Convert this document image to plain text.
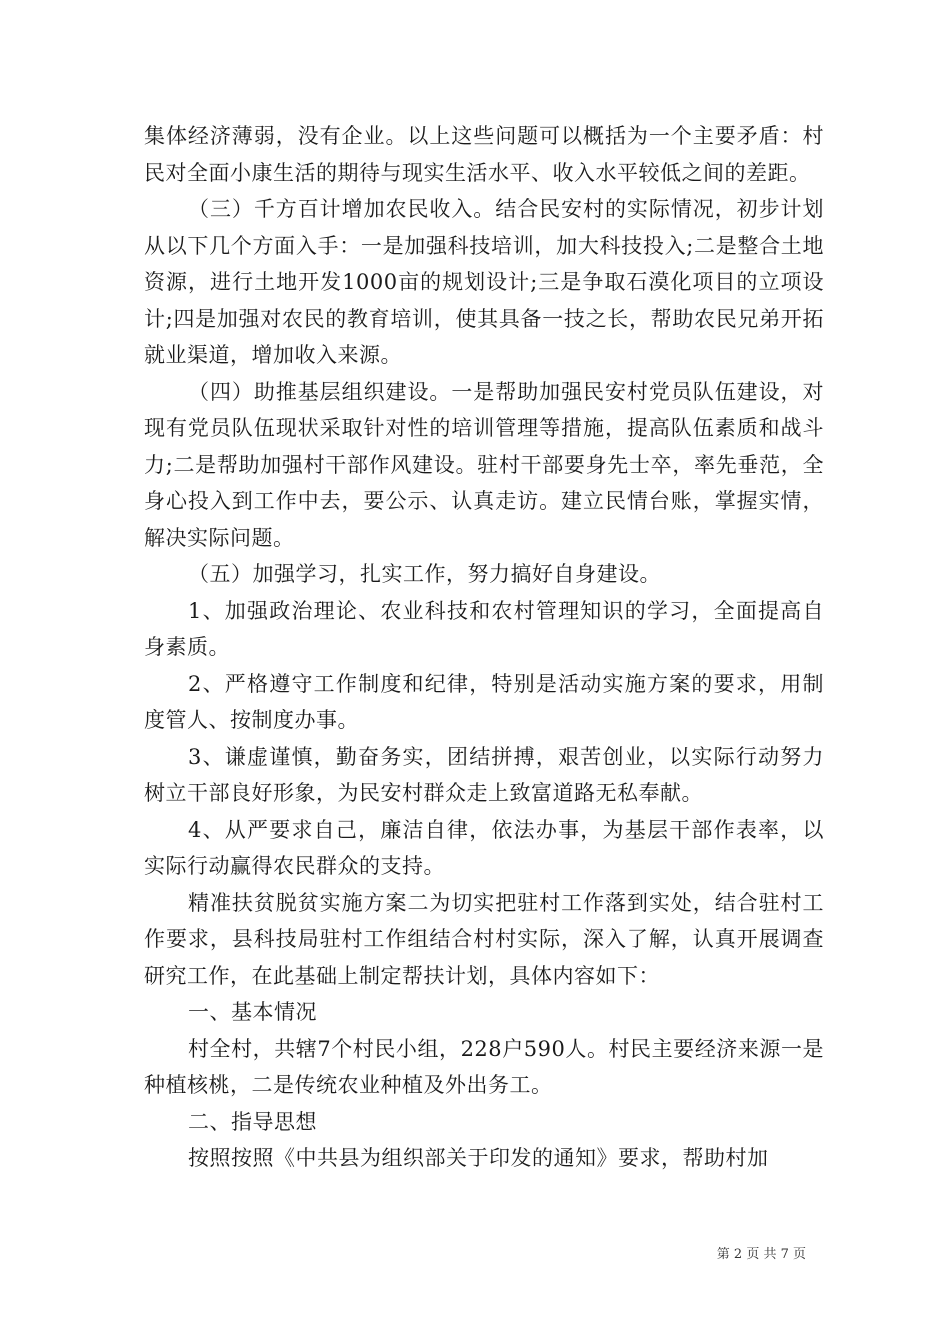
集体经济薄弱，没有企业。以上这些问题可以概括为一个主要矛盾：村民对全面小康生活的期待与现实生活水平、收入水平较低之间的差距。

（三）千方百计增加农民收入。结合民安村的实际情况，初步计划从以下几个方面入手：一是加强科技培训，加大科技投入;二是整合土地资源，进行土地开发1000亩的规划设计;三是争取石漠化项目的立项设计;四是加强对农民的教育培训，使其具备一技之长，帮助农民兄弟开拓就业渠道，增加收入来源。

（四）助推基层组织建设。一是帮助加强民安村党员队伍建设，对现有党员队伍现状采取针对性的培训管理等措施，提高队伍素质和战斗力;二是帮助加强村干部作风建设。驻村干部要身先士卒，率先垂范，全身心投入到工作中去，要公示、认真走访。建立民情台账，掌握实情，解决实际问题。

（五）加强学习，扎实工作，努力搞好自身建设。

1、加强政治理论、农业科技和农村管理知识的学习，全面提高自身素质。

2、严格遵守工作制度和纪律，特别是活动实施方案的要求，用制度管人、按制度办事。

3、谦虚谨慎，勤奋务实，团结拼搏，艰苦创业，以实际行动努力树立干部良好形象，为民安村群众走上致富道路无私奉献。

4、从严要求自己，廉洁自律，依法办事，为基层干部作表率，以实际行动赢得农民群众的支持。

精准扶贫脱贫实施方案二为切实把驻村工作落到实处，结合驻村工作要求，县科技局驻村工作组结合村村实际，深入了解，认真开展调查研究工作，在此基础上制定帮扶计划，具体内容如下：

一、基本情况

村全村，共辖7个村民小组，228户590人。村民主要经济来源一是种植核桃，二是传统农业种植及外出务工。

二、指导思想

按照按照《中共县为组织部关于印发的通知》要求，帮助村加

第 2 页 共 7 页
